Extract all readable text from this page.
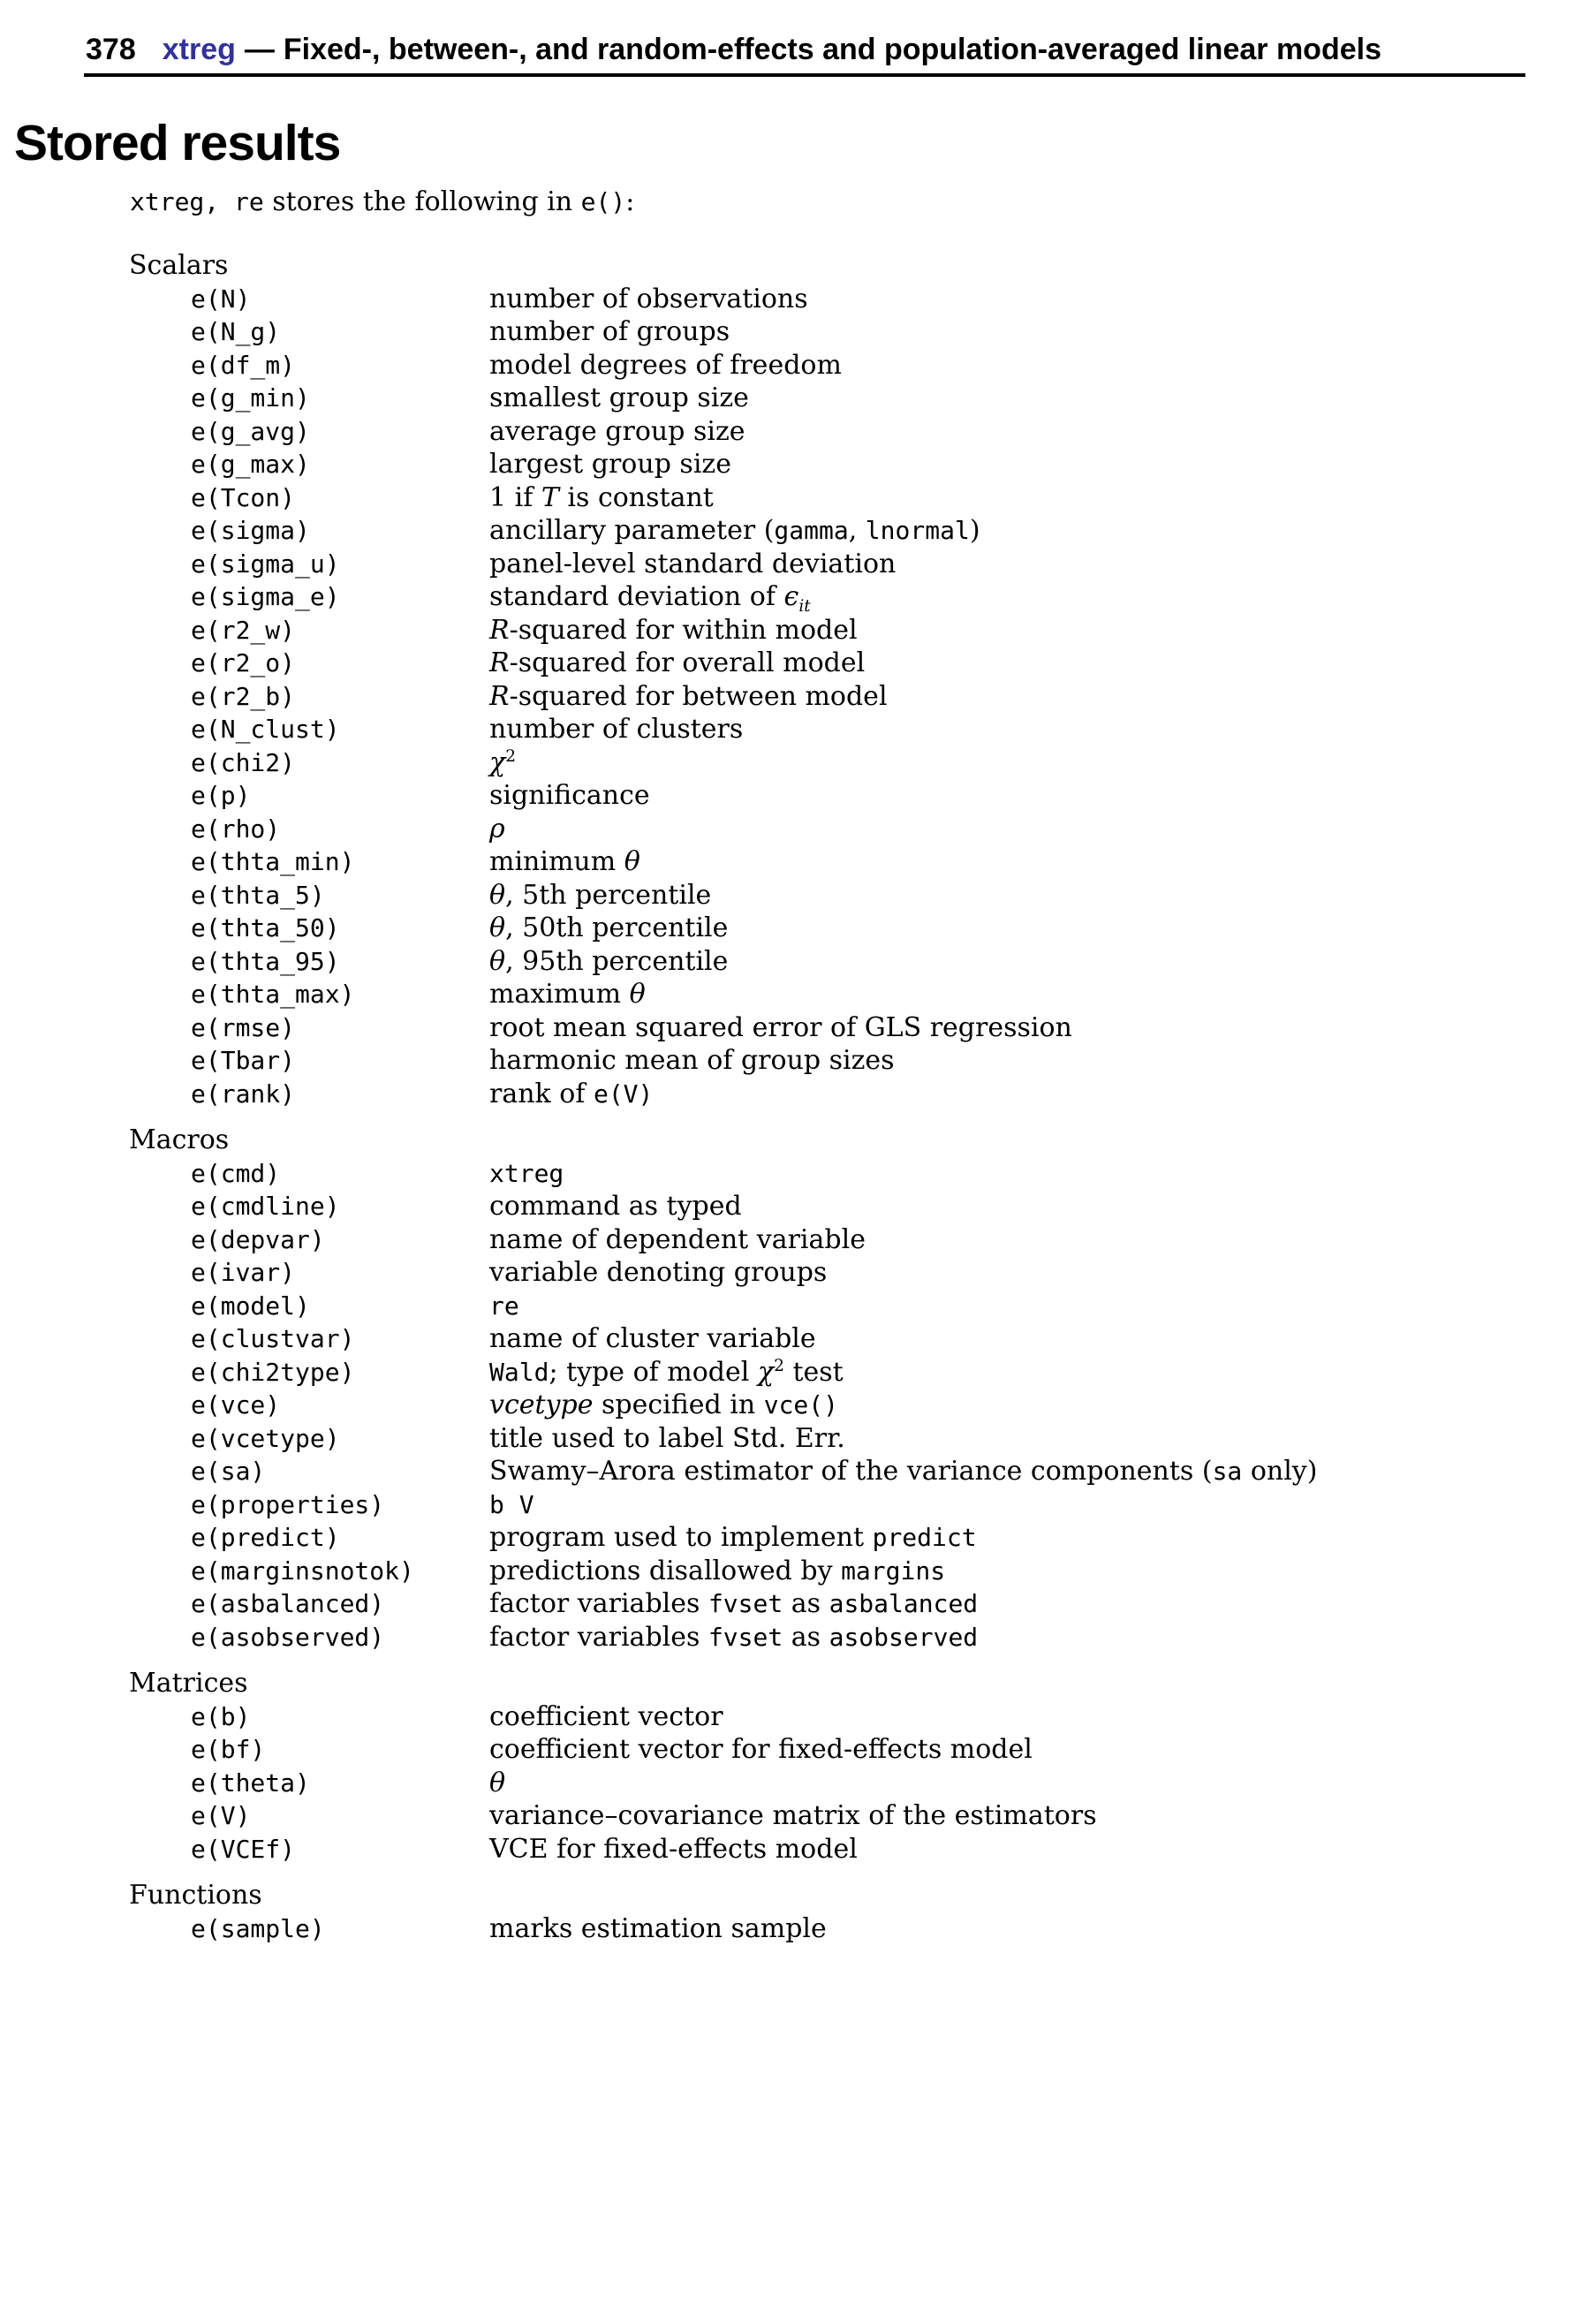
378 xtreg — Fixed-, between-, and random-effects and population-averaged linear models
Stored results

xtreg, re stores the following in e():

Scalars
e(N)	number of observations
e(N_g)	number of groups
e(df_m)	model degrees of freedom
e(g_min)	smallest group size
e(g_avg)	average group size
e(g_max)	largest group size
e(Tcon)	1 if T is constant
e(sigma)	ancillary parameter (gamma, lnormal)
e(sigma_u)	panel-level standard deviation
e(sigma_e)	standard deviation of $\epsilon_{it}$
e(r2_w)	R-squared for within model
e(r2_o)	R-squared for overall model
e(r2_b)	R-squared for between model
e(N_clust)	number of clusters
e(chi2)	$\chi^2$
e(p)	significance
e(rho)	ρ
e(thta_min)	minimum θ
e(thta_5)	θ, 5th percentile
e(thta_50)	θ, 50th percentile
e(thta_95)	θ, 95th percentile
e(thta_max)	maximum θ
e(rmse)	root mean squared error of GLS regression
e(Tbar)	harmonic mean of group sizes
e(rank)	rank of e(V)
Macros
e(cmd)	xtreg
e(cmdline)	command as typed
e(depvar)	name of dependent variable
e(ivar)	variable denoting groups
e(model)	re
e(clustvar)	name of cluster variable
e(chi2type)	Wald; type of model $\chi^2$ test
e(vce)	vcetype specified in vce()
e(vcetype)	title used to label Std. Err.
e(sa)	Swamy–Arora estimator of the variance components (sa only)
e(properties)	b V
e(predict)	program used to implement predict
e(marginsnotok)	predictions disallowed by margins
e(asbalanced)	factor variables fvset as asbalanced
e(asobserved)	factor variables fvset as asobserved
Matrices
e(b)	coefficient vector
e(bf)	coefficient vector for fixed-effects model
e(theta)	θ
e(V)	variance–covariance matrix of the estimators
e(VCEf)	VCE for fixed-effects model
Functions
e(sample)	marks estimation sample
